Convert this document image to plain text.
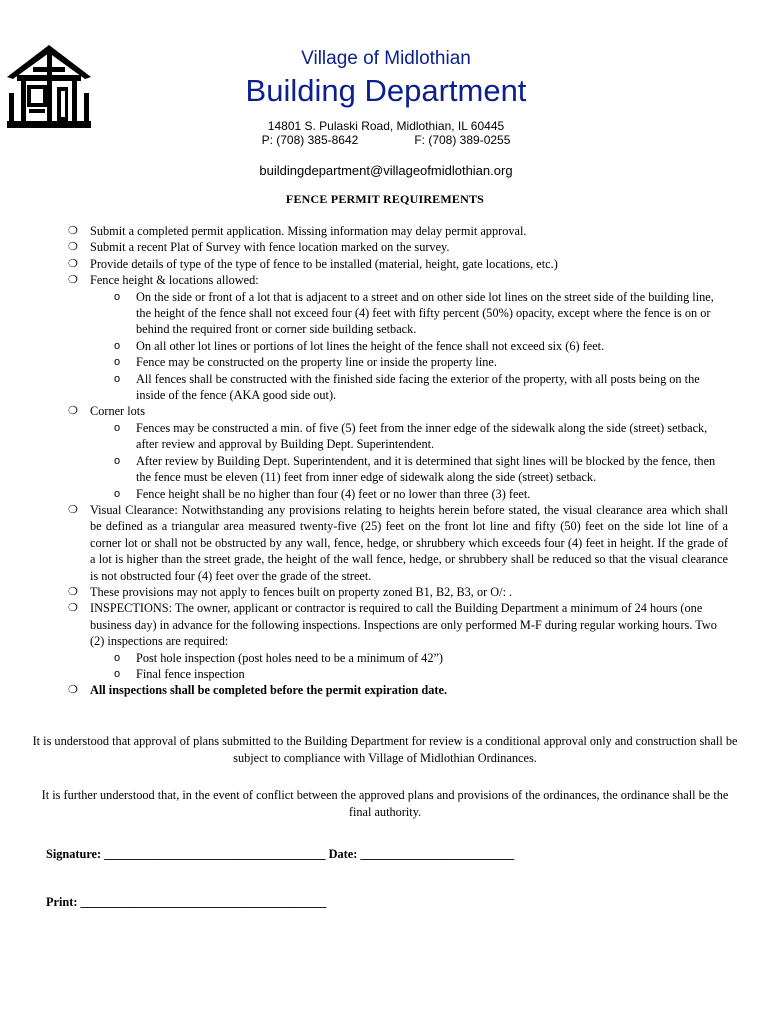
Village of Midlothian
Building Department
14801 S. Pulaski Road, Midlothian, IL 60445
P: (708) 385-8642	F: (708) 389-0255
buildingdepartment@villageofmidlothian.org
FENCE PERMIT REQUIREMENTS
❍ Submit a completed permit application. Missing information may delay permit approval.
❍ Submit a recent Plat of Survey with fence location marked on the survey.
❍ Provide details of type of the type of fence to be installed (material, height, gate locations, etc.)
❍ Fence height & locations allowed:
o On the side or front of a lot that is adjacent to a street and on other side lot lines on the street side of the building line, the height of the fence shall not exceed four (4) feet with fifty percent (50%) opacity, except where the fence is on or behind the required front or corner side building setback.
o On all other lot lines or portions of lot lines the height of the fence shall not exceed six (6) feet.
o Fence may be constructed on the property line or inside the property line.
o All fences shall be constructed with the finished side facing the exterior of the property, with all posts being on the inside of the fence (AKA good side out).
❍ Corner lots
o Fences may be constructed a min. of five (5) feet from the inner edge of the sidewalk along the side (street) setback, after review and approval by Building Dept. Superintendent.
o After review by Building Dept. Superintendent, and it is determined that sight lines will be blocked by the fence, then the fence must be eleven (11) feet from inner edge of sidewalk along the side (street) setback.
o Fence height shall be no higher than four (4) feet or no lower than three (3) feet.
❍ Visual Clearance: Notwithstanding any provisions relating to heights herein before stated, the visual clearance area which shall be defined as a triangular area measured twenty-five (25) feet on the front lot line and fifty (50) feet on the side lot line of a corner lot or shall not be obstructed by any wall, fence, hedge, or shrubbery which exceeds four (4) feet in height. If the grade of a lot is higher than the street grade, the height of the wall fence, hedge, or shrubbery shall be reduced so that the visual clearance is not obstructed four (4) feet over the grade of the street.
❍ These provisions may not apply to fences built on property zoned B1, B2, B3, or O/: .
❍ INSPECTIONS: The owner, applicant or contractor is required to call the Building Department a minimum of 24 hours (one business day) in advance for the following inspections. Inspections are only performed M-F during regular working hours. Two (2) inspections are required:
o Post hole inspection (post holes need to be a minimum of 42”)
o Final fence inspection
❍ All inspections shall be completed before the permit expiration date.
It is understood that approval of plans submitted to the Building Department for review is a conditional approval only and construction shall be subject to compliance with Village of Midlothian Ordinances.
It is further understood that, in the event of conflict between the approved plans and provisions of the ordinances, the ordinance shall be the final authority.
Signature: ____________________________________ Date: _________________________
Print: ________________________________________
